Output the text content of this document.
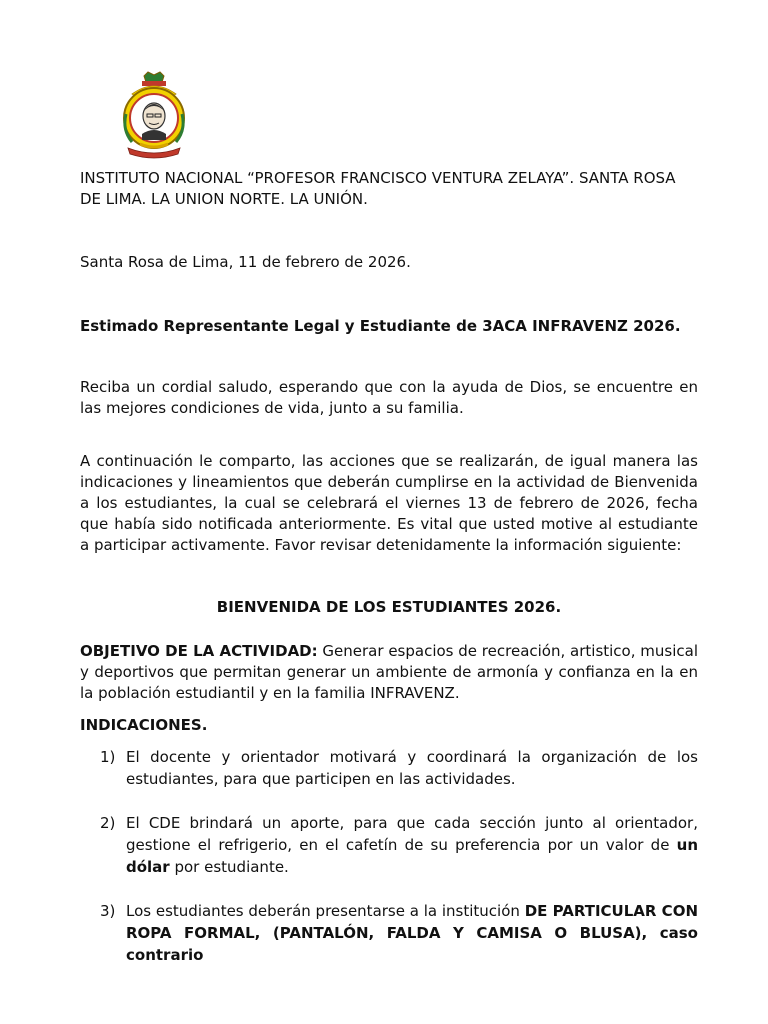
INSTITUTO NACIONAL “PROFESOR FRANCISCO VENTURA ZELAYA”. SANTA ROSA DE LIMA. LA UNION NORTE. LA UNIÓN.
Santa Rosa de Lima, 11 de febrero de 2026.
Estimado Representante Legal y Estudiante de 3ACA INFRAVENZ 2026.
Reciba un cordial saludo, esperando que con la ayuda de Dios, se encuentre en las mejores condiciones de vida, junto a su familia.
A continuación le comparto, las acciones que se realizarán, de igual manera las indicaciones y lineamientos que deberán cumplirse en la actividad de Bienvenida a los estudiantes, la cual se celebrará el viernes 13 de febrero de 2026, fecha que había sido notificada anteriormente. Es vital que usted motive al estudiante a participar activamente. Favor revisar detenidamente la información siguiente:
BIENVENIDA DE LOS ESTUDIANTES 2026.
OBJETIVO DE LA ACTIVIDAD: Generar espacios de recreación, artistico, musical y deportivos que permitan generar un ambiente de armonía y confianza en la en la población estudiantil y en la familia INFRAVENZ.
INDICACIONES.
1) El docente y orientador motivará y coordinará la organización de los estudiantes, para que participen en las actividades.
2) El CDE brindará un aporte, para que cada sección junto al orientador, gestione el refrigerio, en el cafetín de su preferencia por un valor de un dólar por estudiante.
3) Los estudiantes deberán presentarse a la institución DE PARTICULAR CON ROPA FORMAL, (PANTALÓN, FALDA Y CAMISA O BLUSA), caso contrario
